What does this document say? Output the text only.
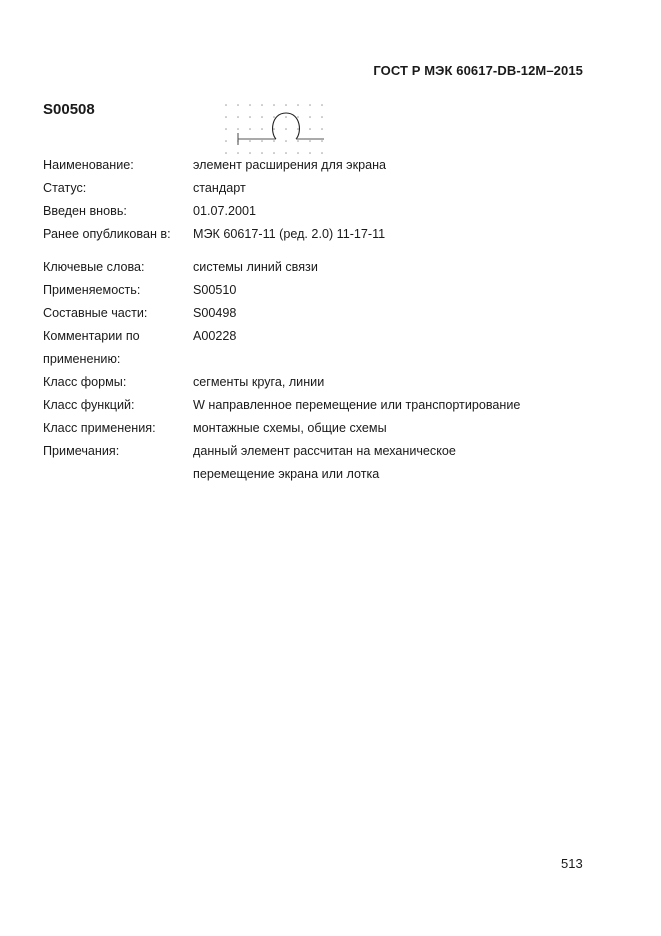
ГОСТ Р МЭК 60617-DB-12M–2015
S00508
Наименование:	элемент расширения для экрана
Статус:	стандарт
Введен вновь:	01.07.2001
Ранее опубликован в:	МЭК 60617-11 (ред. 2.0) 11-17-11
Ключевые слова:	системы линий связи
Применяемость:	S00510
Составные части:	S00498
Комментарии по	A00228
применению:
Класс формы:	сегменты круга, линии
Класс функций:	W направленное перемещение или транспортирование
Класс применения:	монтажные схемы, общие схемы
Примечания:	данный элемент рассчитан на механическое
перемещение экрана или лотка
513
